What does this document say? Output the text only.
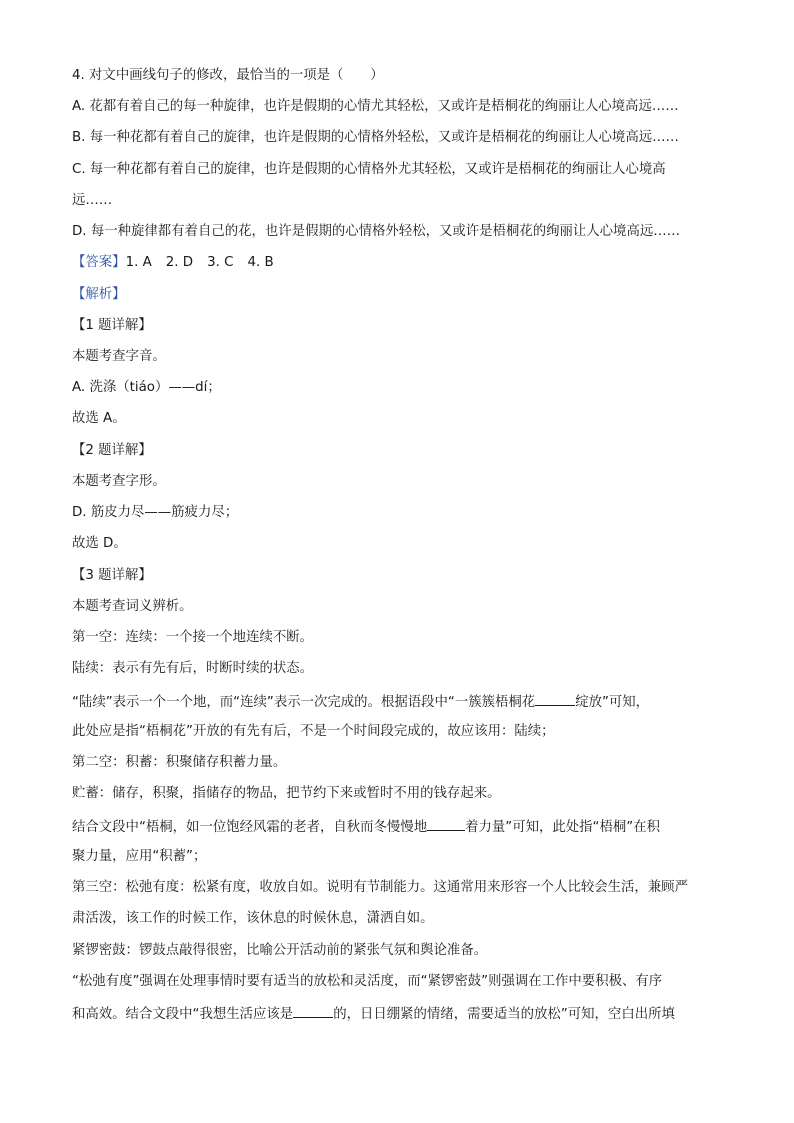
4. 对文中画线句子的修改，最恰当的一项是（　　）
A. 花都有着自己的每一种旋律，也许是假期的心情尤其轻松，又或许是梧桐花的绚丽让人心境高远……
B. 每一种花都有着自己的旋律，也许是假期的心情格外轻松，又或许是梧桐花的绚丽让人心境高远……
C. 每一种花都有着自己的旋律，也许是假期的心情格外尤其轻松，又或许是梧桐花的绚丽让人心境高
远……
D. 每一种旋律都有着自己的花，也许是假期的心情格外轻松，又或许是梧桐花的绚丽让人心境高远……
【答案】1. A 2. D 3. C 4. B
【解析】
【1 题详解】
本题考查字音。
A. 洗涤（tiáo）——dí；
故选 A。
【2 题详解】
本题考查字形。
D. 筋皮力尽——筋疲力尽；
故选 D。
【3 题详解】
本题考查词义辨析。
第一空：连续：一个接一个地连续不断。
陆续：表示有先有后，时断时续的状态。
“陆续”表示一个一个地，而“连续”表示一次完成的。根据语段中“一簇簇梧桐花	绽放”可知，
此处应是指“梧桐花”开放的有先有后，不是一个时间段完成的，故应该用：陆续；
第二空：积蓄：积聚储存积蓄力量。
贮蓄：储存，积聚，指储存的物品，把节约下来或暂时不用的钱存起来。
结合文段中“梧桐，如一位饱经风霜的老者，自秋而冬慢慢地	着力量”可知，此处指“梧桐”在积
聚力量，应用“积蓄”；
第三空：松弛有度：松紧有度，收放自如。说明有节制能力。这通常用来形容一个人比较会生活，兼顾严
肃活泼，该工作的时候工作，该休息的时候休息，潇洒自如。
紧锣密鼓：锣鼓点敲得很密，比喻公开活动前的紧张气氛和舆论准备。
“松弛有度”强调在处理事情时要有适当的放松和灵活度，而“紧锣密鼓”则强调在工作中要积极、有序
和高效。结合文段中“我想生活应该是	的，日日绷紧的情绪，需要适当的放松”可知，空白出所填
